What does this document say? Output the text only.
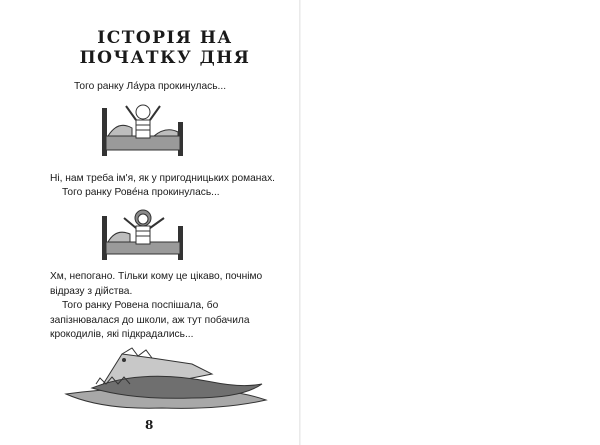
ІСТОРІЯ НА ПОЧАТКУ ДНЯ

Того ранку Ла́ура прокинулась...

Ні, нам треба ім'я, як у пригодницьких романах.

Того ранку Рове́на прокинулась...

Хм, непогано. Тільки кому це цікаво, почнімо відразу з дійства.

Того ранку Ровена поспішала, бо запізнювалася до школи, аж тут побачила крокодилів, які підкрадались...

8
